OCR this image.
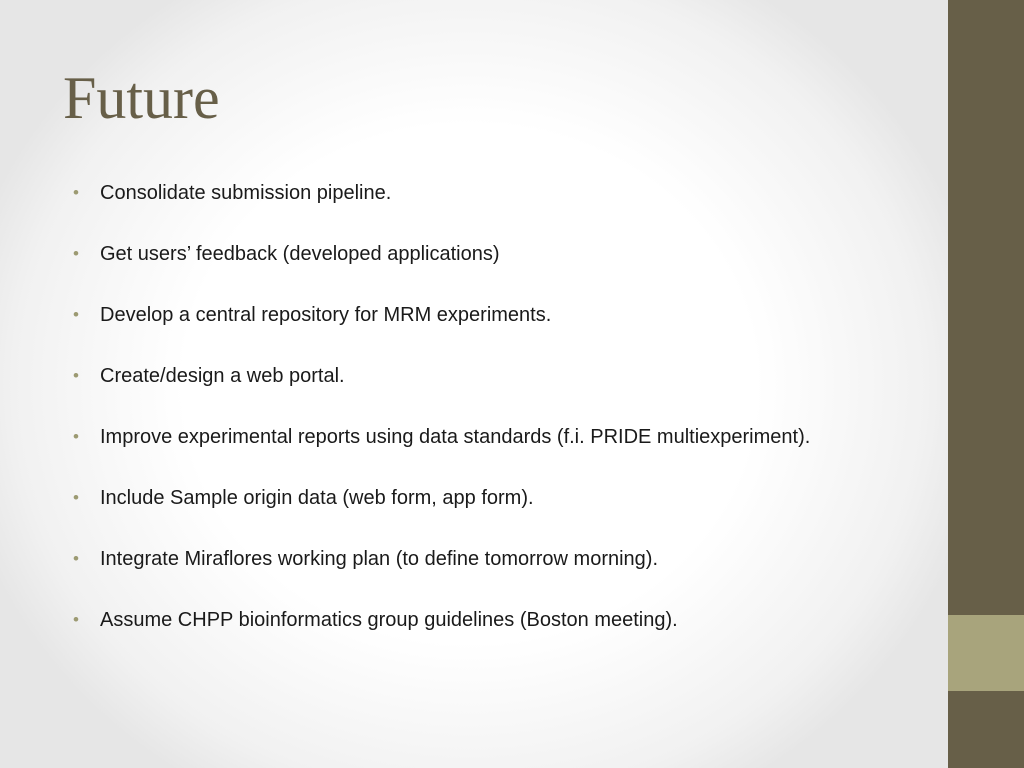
Future
• Consolidate submission pipeline.
• Get users’ feedback (developed applications)
• Develop a central repository for MRM experiments.
• Create/design a web portal.
• Improve experimental reports using data standards (f.i. PRIDE multiexperiment).
• Include Sample origin data (web form, app form).
• Integrate Miraflores working plan (to define tomorrow morning).
• Assume CHPP bioinformatics group guidelines (Boston meeting).
